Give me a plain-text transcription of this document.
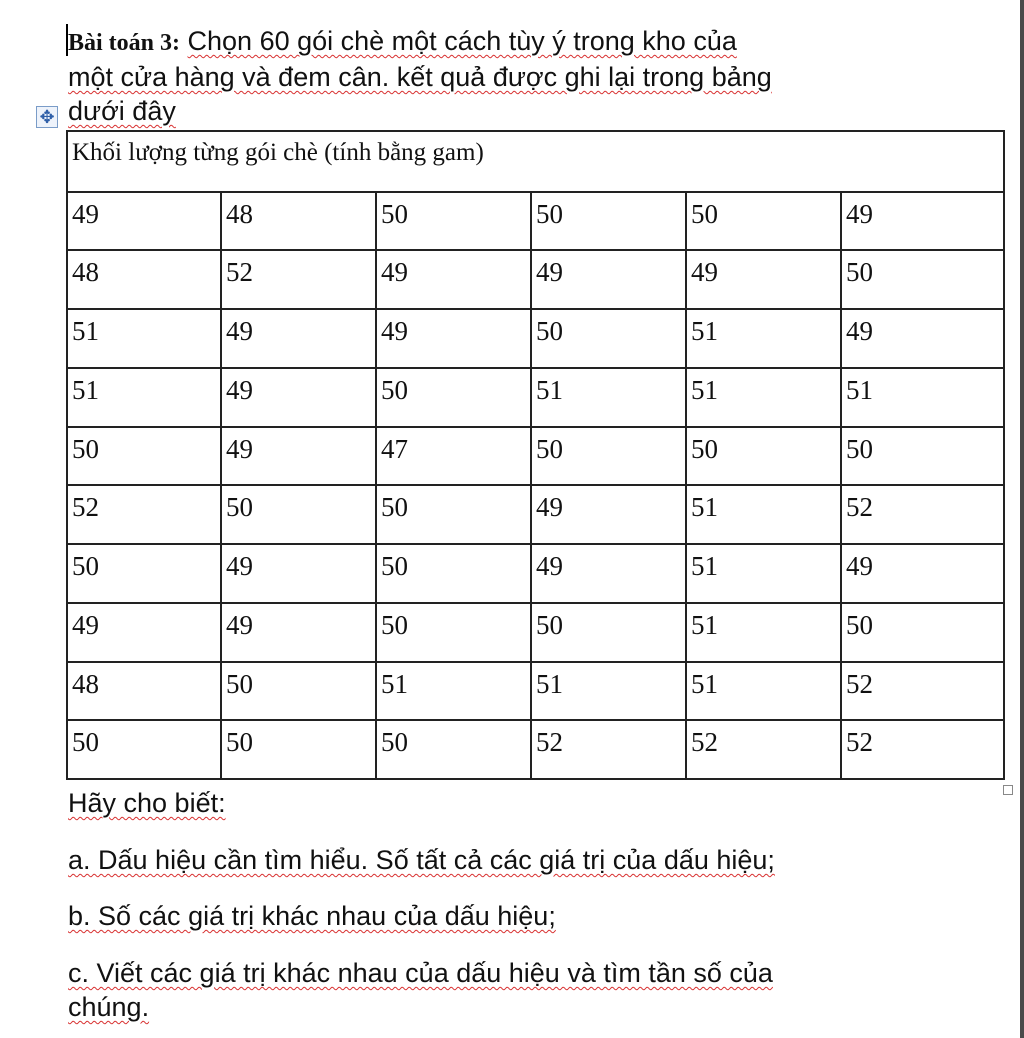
Bài toán 3: Chọn 60 gói chè một cách tùy ý trong kho của
một cửa hàng và đem cân. kết quả được ghi lại trong bảng
dưới đây
✥
Khối lượng từng gói chè (tính bằng gam)					
49	48	50	50	50	49
48	52	49	49	49	50
51	49	49	50	51	49
51	49	50	51	51	51
50	49	47	50	50	50
52	50	50	49	51	52
50	49	50	49	51	49
49	49	50	50	51	50
48	50	51	51	51	52
50	50	50	52	52	52
Hãy cho biết:
a. Dấu hiệu cần tìm hiểu. Số tất cả các giá trị của dấu hiệu;
b. Số các giá trị khác nhau của dấu hiệu;
c. Viết các giá trị khác nhau của dấu hiệu và tìm tần số của
chúng.
